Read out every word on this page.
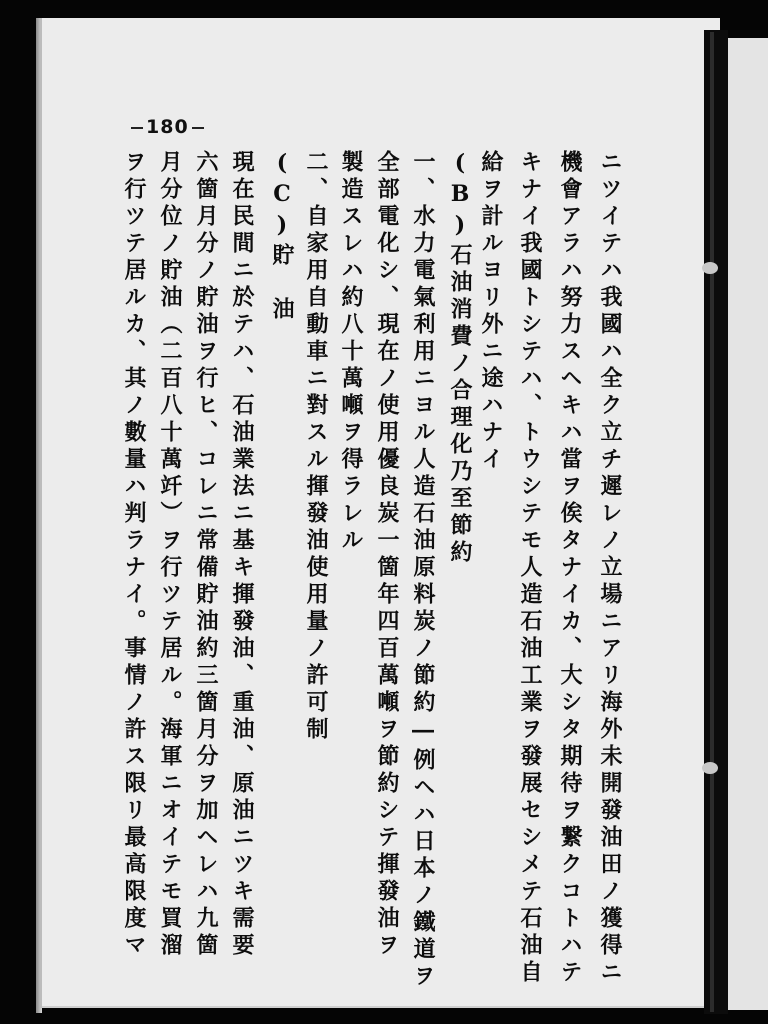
180
ニツイテハ我國ハ全ク立チ遲レノ立場ニアリ海外未開發油田ノ獲得ニ
機會アラハ努力スヘキハ當ヲ俟タナイカ、大シタ期待ヲ繋クコトハテ
キナイ我國トシテハ、トウシテモ人造石油工業ヲ發展セシメテ石油自
給ヲ計ルヨリ外ニ途ハナイ
(B)石油消費ノ合理化乃至節約
一、水力電氣利用ニヨル人造石油原料炭ノ節約―例ヘハ日本ノ鐵道ヲ
全部電化シ、現在ノ使用優良炭一箇年四百萬噸ヲ節約シテ揮發油ヲ
製造スレハ約八十萬噸ヲ得ラレル
二、自家用自動車ニ對スル揮發油使用量ノ許可制
(C)貯　油
現在民間ニ於テハ、石油業法ニ基キ揮發油、重油、原油ニツキ需要
六箇月分ノ貯油ヲ行ヒ、コレニ常備貯油約三箇月分ヲ加ヘレハ九箇
月分位ノ貯油（二百八十萬竏）ヲ行ツテ居ル。海軍ニオイテモ買溜
ヲ行ツテ居ルカ、其ノ數量ハ判ラナイ。事情ノ許ス限リ最高限度マ
